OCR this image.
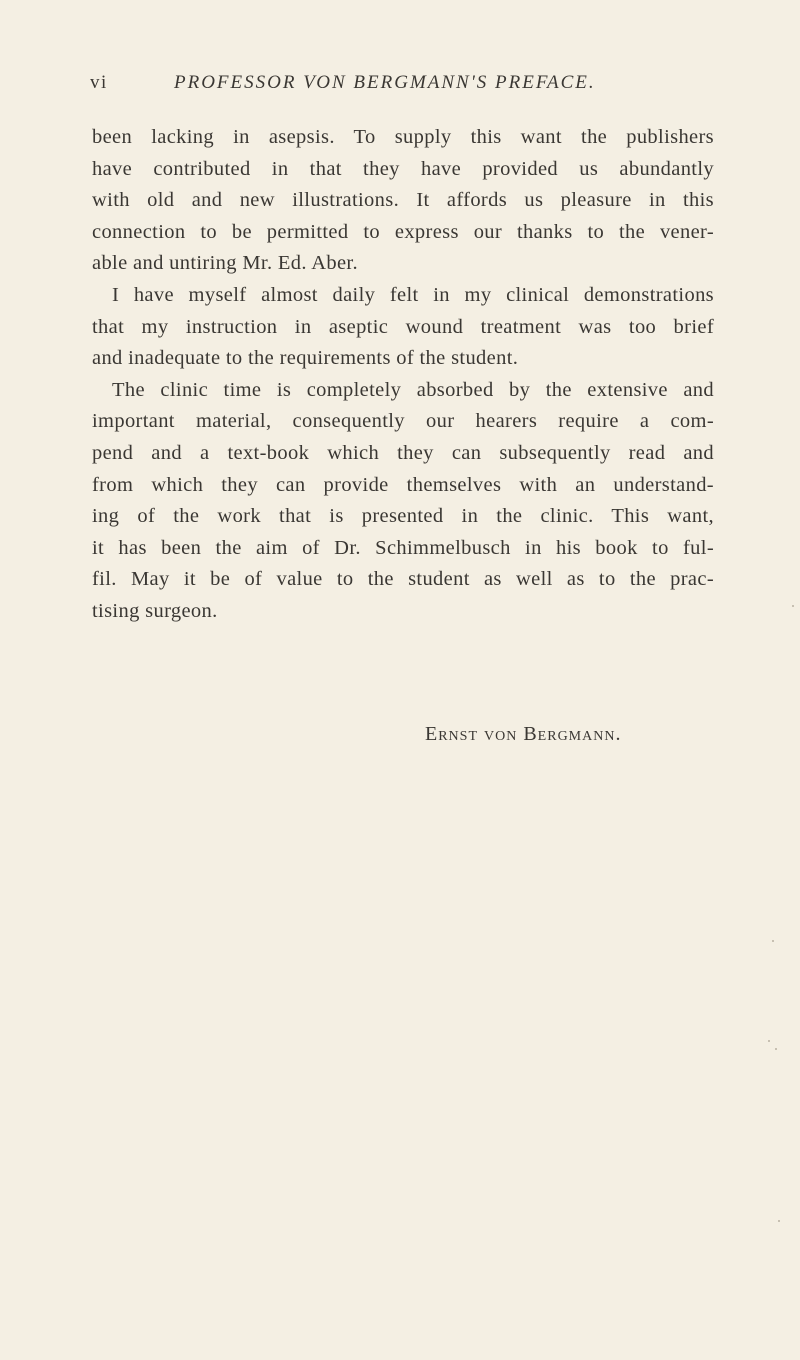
vi	PROFESSOR VON BERGMANN'S PREFACE.
been lacking in asepsis. To supply this want the publishers
have contributed in that they have provided us abundantly
with old and new illustrations. It affords us pleasure in this
connection to be permitted to express our thanks to the vener-
able and untiring Mr. Ed. Aber.
I have myself almost daily felt in my clinical demonstrations
that my instruction in aseptic wound treatment was too brief
and inadequate to the requirements of the student.
The clinic time is completely absorbed by the extensive and
important material, consequently our hearers require a com-
pend and a text-book which they can subsequently read and
from which they can provide themselves with an understand-
ing of the work that is presented in the clinic. This want,
it has been the aim of Dr. Schimmelbusch in his book to ful-
fil. May it be of value to the student as well as to the prac-
tising surgeon.
Ernst von Bergmann.
